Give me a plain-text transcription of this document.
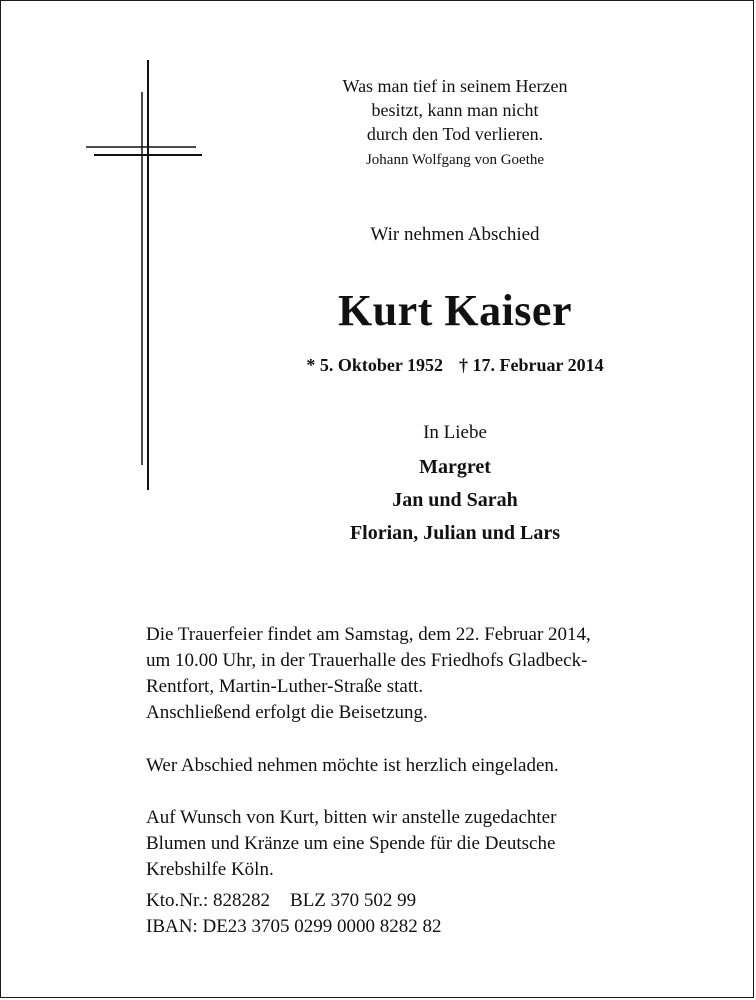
Was man tief in seinem Herzen
besitzt, kann man nicht
durch den Tod verlieren.
Johann Wolfgang von Goethe
Wir nehmen Abschied
Kurt Kaiser
* 5. Oktober 1952 † 17. Februar 2014
In Liebe
Margret
Jan und Sarah
Florian, Julian und Lars

Die Trauerfeier findet am Samstag, dem 22. Februar 2014,
um 10.00 Uhr, in der Trauerhalle des Friedhofs Gladbeck-
Rentfort, Martin-Luther-Straße statt.
Anschließend erfolgt die Beisetzung.

Wer Abschied nehmen möchte ist herzlich eingeladen.

Auf Wunsch von Kurt, bitten wir anstelle zugedachter
Blumen und Kränze um eine Spende für die Deutsche
Krebshilfe Köln.

Kto.Nr.: 828282 BLZ 370 502 99
IBAN: DE23 3705 0299 0000 8282 82
